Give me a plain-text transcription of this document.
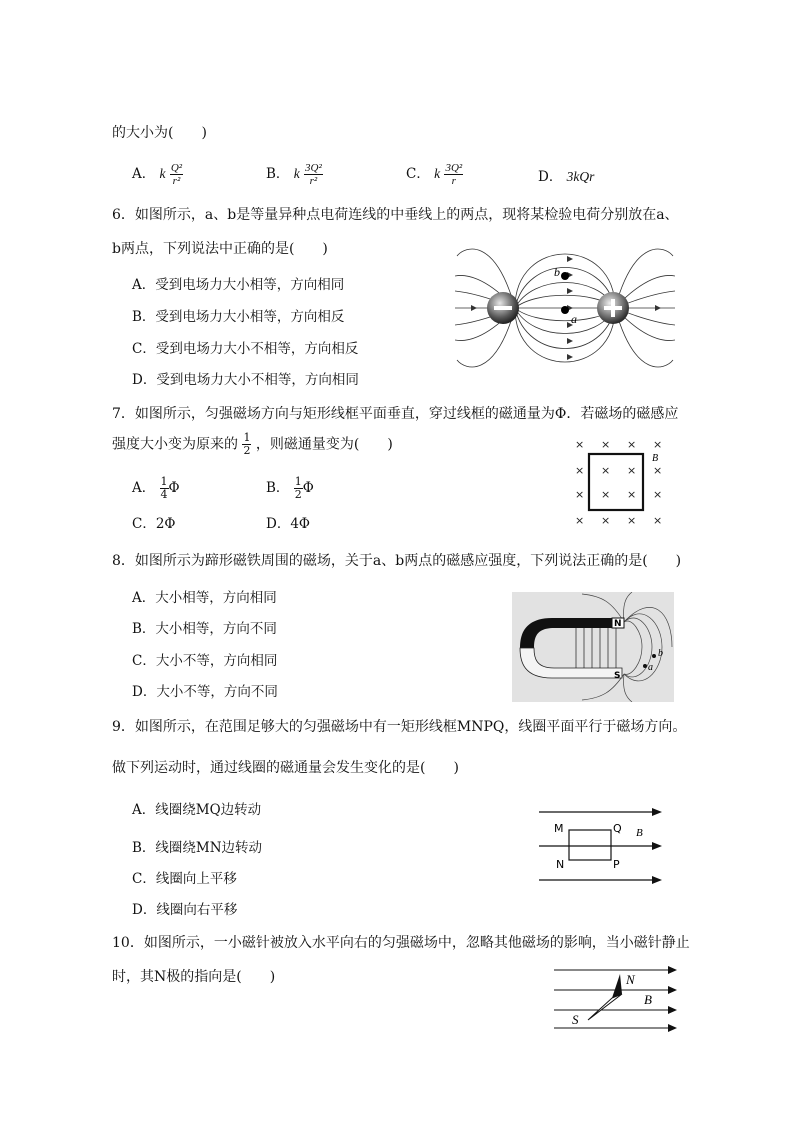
的大小为(　　)
A． k $\frac{\text{Q²}}{\text{r²}}$	B． k $\frac{\text{3Q²}}{\text{r²}}$	C． k $\frac{\text{3Q²}}{r}$	D． 3kQr
6．如图所示，a、b是等量异种点电荷连线的中垂线上的两点，现将某检验电荷分别放在a、
b两点，下列说法中正确的是(　　)
A．受到电场力大小相等，方向相同
B．受到电场力大小相等，方向相反
C．受到电场力大小不相等，方向相反
D．受到电场力大小不相等，方向相同
b
a
7．如图所示，匀强磁场方向与矩形线框平面垂直，穿过线框的磁通量为Φ．若磁场的磁感应
强度大小变为原来的 $\frac{1}{2}$ ，则磁通量变为(　　)
A． $\frac{1}{4}$ Φ	B． $\frac{1}{2}$ Φ
C．2Φ	D．4Φ
× × × ×
× × × ×
× × × ×
× × × ×
B
8．如图所示为蹄形磁铁周围的磁场，关于a、b两点的磁感应强度，下列说法正确的是(　　)
A．大小相等，方向相同
B．大小相等，方向不同
C．大小不等，方向相同
D．大小不等，方向不同
N
S
b
a
9．如图所示，在范围足够大的匀强磁场中有一矩形线框MNPQ，线圈平面平行于磁场方向。
做下列运动时，通过线圈的磁通量会发生变化的是(　　)
A．线圈绕MQ边转动
B．线圈绕MN边转动
C．线圈向上平移
D．线圈向右平移
M	Q
N	P
B
10．如图所示，一小磁针被放入水平向右的匀强磁场中，忽略其他磁场的影响，当小磁针静止
时，其N极的指向是(　　)	N
B
S
